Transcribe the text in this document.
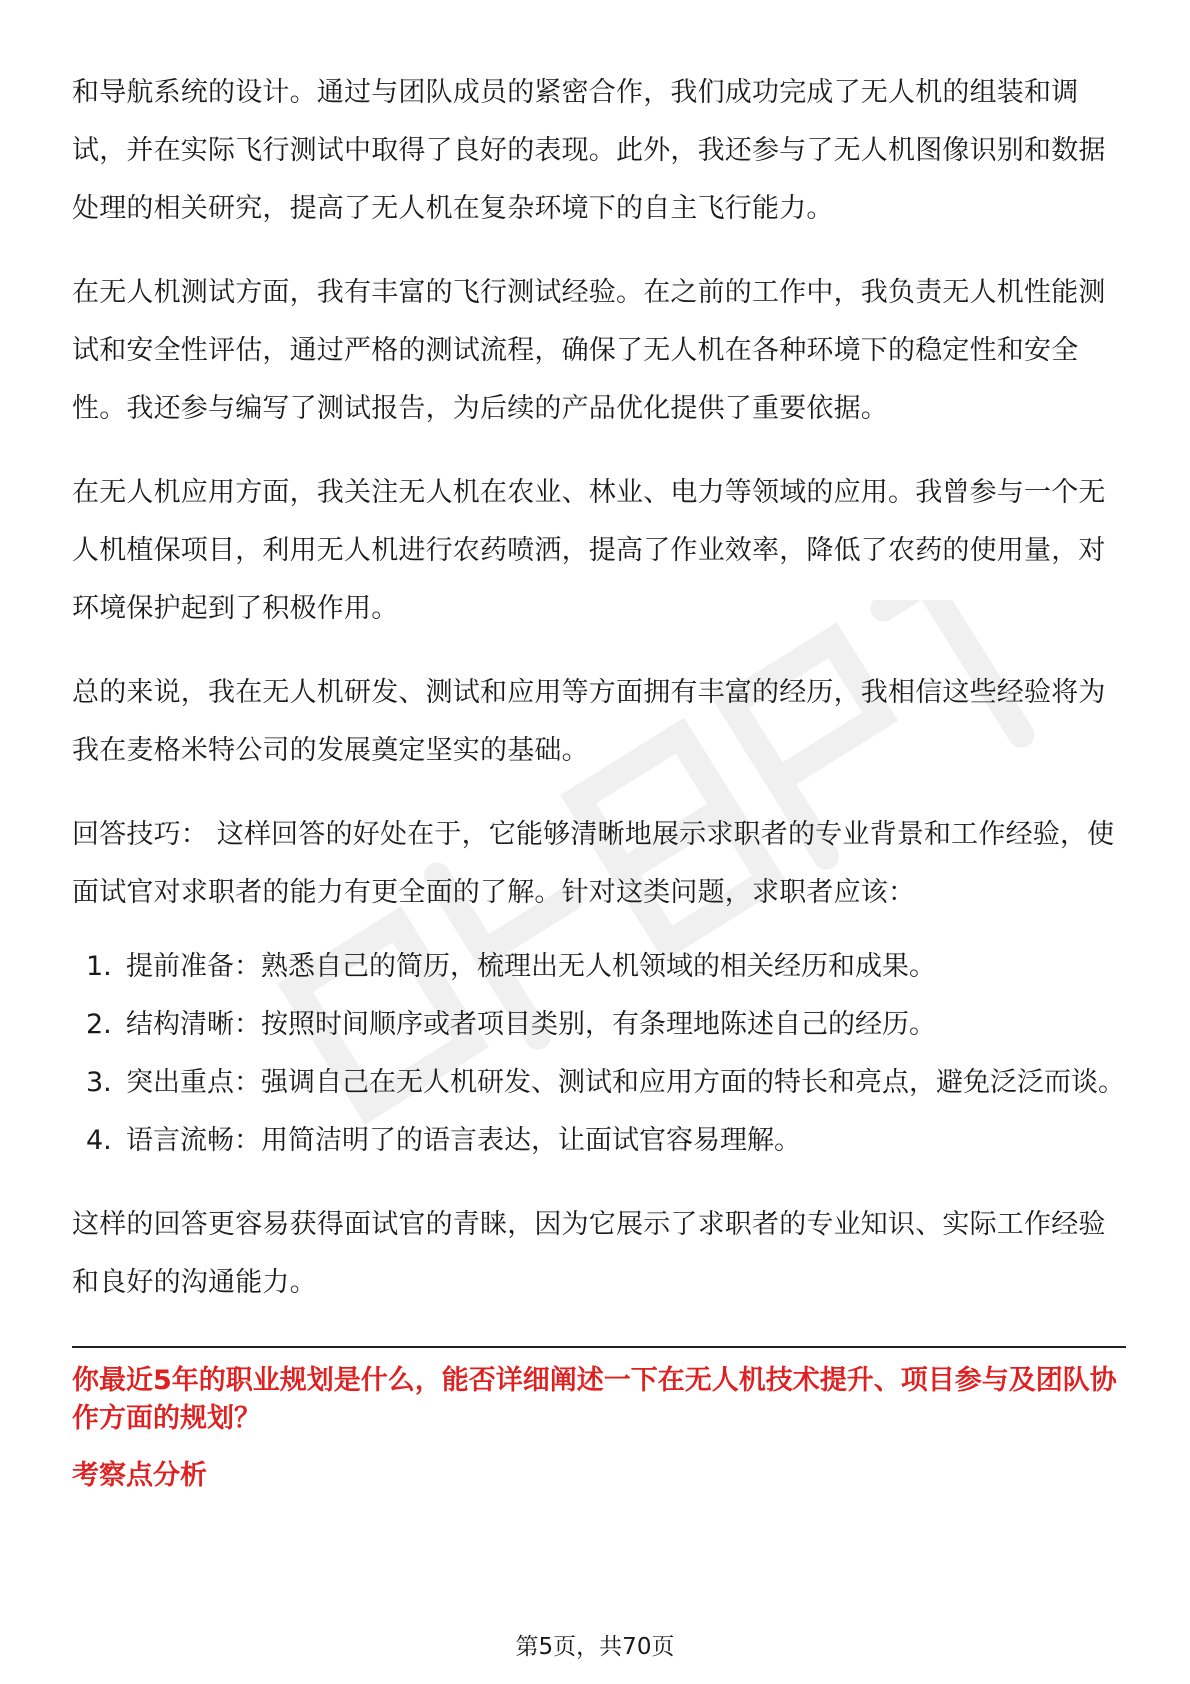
和导航系统的设计。通过与团队成员的紧密合作，我们成功完成了无人机的组装和调试，并在实际飞行测试中取得了良好的表现。此外，我还参与了无人机图像识别和数据处理的相关研究，提高了无人机在复杂环境下的自主飞行能力。

在无人机测试方面，我有丰富的飞行测试经验。在之前的工作中，我负责无人机性能测试和安全性评估，通过严格的测试流程，确保了无人机在各种环境下的稳定性和安全性。我还参与编写了测试报告，为后续的产品优化提供了重要依据。

在无人机应用方面，我关注无人机在农业、林业、电力等领域的应用。我曾参与一个无人机植保项目，利用无人机进行农药喷洒，提高了作业效率，降低了农药的使用量，对环境保护起到了积极作用。

总的来说，我在无人机研发、测试和应用等方面拥有丰富的经历，我相信这些经验将为我在麦格米特公司的发展奠定坚实的基础。

回答技巧： 这样回答的好处在于，它能够清晰地展示求职者的专业背景和工作经验，使面试官对求职者的能力有更全面的了解。针对这类问题，求职者应该：

1. 提前准备：熟悉自己的简历，梳理出无人机领域的相关经历和成果。
2. 结构清晰：按照时间顺序或者项目类别，有条理地陈述自己的经历。
3. 突出重点：强调自己在无人机研发、测试和应用方面的特长和亮点，避免泛泛而谈。
4. 语言流畅：用简洁明了的语言表达，让面试官容易理解。

这样的回答更容易获得面试官的青睐，因为它展示了求职者的专业知识、实际工作经验和良好的沟通能力。

你最近5年的职业规划是什么，能否详细阐述一下在无人机技术提升、项目参与及团队协作方面的规划？
考察点分析
第5页，共70页
